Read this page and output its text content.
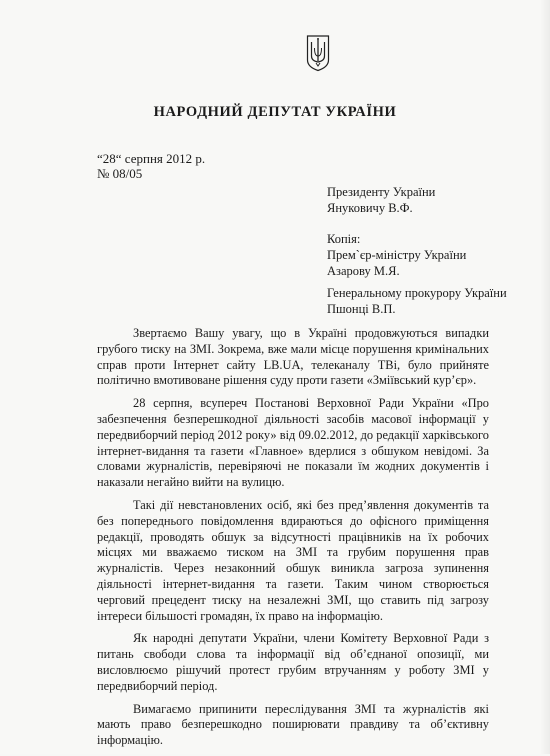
НАРОДНИЙ ДЕПУТАТ УКРАЇНИ
“28“ серпня 2012 р.
№ 08/05
Президенту України
Януковичу В.Ф.
Копія:
Прем`єр-міністру України
Азарову М.Я.
Генеральному прокурору України
Пшонці В.П.

Звертаємо Вашу увагу, що в Україні продовжуються випадки грубого тиску на ЗМІ. Зокрема, вже мали місце порушення кримінальних справ проти Інтернет сайту LB.UA, телеканалу ТВі, було прийняте політично вмотивоване рішення суду проти газети «Зміївський кур’єр».

28 серпня, всупереч Постанові Верховної Ради України «Про забезпечення безперешкодної діяльності засобів масової інформації у передвиборчий період 2012 року» від 09.02.2012, до редакції харківського інтернет-видання та газети «Главное» вдерлися з обшуком невідомі. За словами журналістів, перевіряючі не показали їм жодних документів і наказали негайно вийти на вулицю.

Такі дії невстановлених осіб, які без пред’явлення документів та без попереднього повідомлення вдираються до офісного приміщення редакції, проводять обшук за відсутності працівників на їх робочих місцях ми вважаємо тиском на ЗМІ та грубим порушення прав журналістів. Через незаконний обшук виникла загроза зупинення діяльності інтернет-видання та газети. Таким чином створюється черговий прецедент тиску на незалежні ЗМІ, що ставить під загрозу інтереси більшості громадян, їх право на інформацію.

Як народні депутати України, члени Комітету Верховної Ради з питань свободи слова та інформації від об’єднаної опозиції, ми висловлюємо рішучий протест грубим втручанням у роботу ЗМІ у передвиборчий період.

Вимагаємо припинити переслідування ЗМІ та журналістів які мають право безперешкодно поширювати правдиву та об’єктивну інформацію.
